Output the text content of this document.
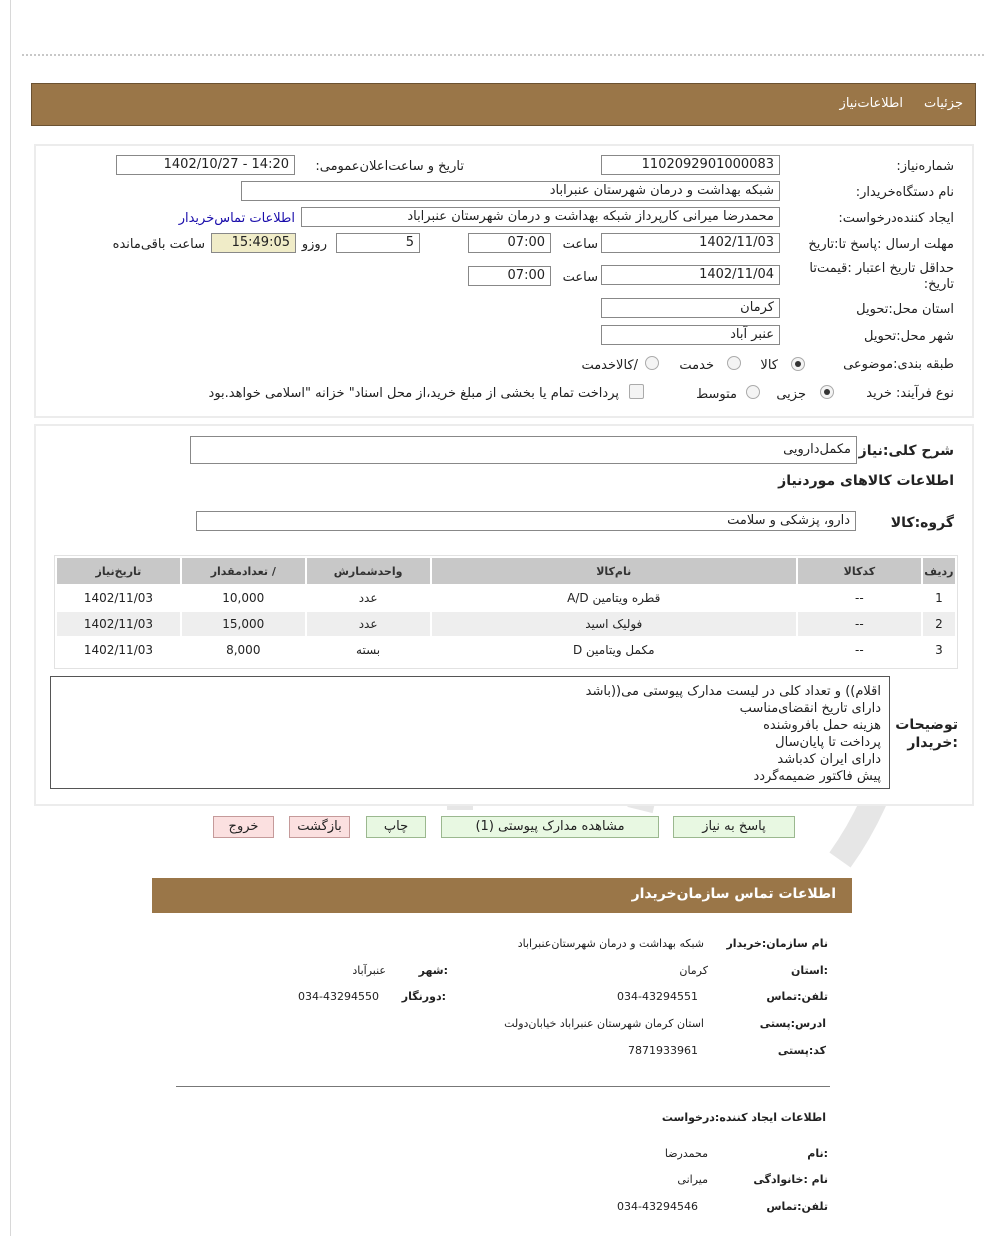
جزئیات
اطلاعات‌نیاز
شماره‌نیاز:
1102092901000083
تاریخ و ساعت‌اعلان‌عمومی:
1402/10/27 - 14:20
نام دستگاه‌خریدار:
شبکه بهداشت و درمان شهرستان عنبراباد
ایجاد کننده‌درخواست:
محمدرضا میرانی کارپرداز شبکه بهداشت و درمان شهرستان عنبراباد
اطلاعات تماس‌خریدار
مهلت ارسال :پاسخ تا:تاریخ
1402/11/03
ساعت
07:00
5
روزو
15:49:05
ساعت باقی‌مانده
حداقل تاریخ اعتبار :قیمت‌تا تاریخ:
1402/11/04
ساعت
07:00
استان محل:تحویل
کرمان
شهر محل:تحویل
عنبر آباد
طبقه بندی:موضوعی
کالا
خدمت
/کالاخدمت
نوع فرآیند: خرید
جزیی
متوسط
پرداخت تمام یا بخشی از مبلغ خرید،از محل اسناد" خزانه "اسلامی خواهد.بود
شرح کلی:نیاز
مکمل‌دارویی
اطلاعات کالاهای موردنیاز
گروه:کالا
دارو، پزشکی و سلامت
ردیف	کدکالا	نام‌کالا	واحدشمارش	/ تعدادمقدار	تاریخ‌نیاز
1	--	قطره ویتامین A/D	عدد	10,000	1402/11/03
2	--	فولیک اسید	عدد	15,000	1402/11/03
3	--	مکمل ویتامین D	بسته	8,000	1402/11/03
توضیحات :خریدار
اقلام)) و تعداد کلی در لیست مدارک پیوستی می((باشد
دارای تاریخ انقضای‌مناسب
هزینه حمل بافروشنده
پرداخت تا پایان‌سال
دارای ایران کدباشد
پیش فاکتور ضمیمه‌گردد
پاسخ به نیاز
مشاهده مدارک پیوستی (1)
چاپ
بازگشت
خروج
اطلاعات تماس سازمان‌خریدار
نام سازمان:خریدار
شبکه بهداشت و درمان شهرستان‌عنبراباد
:استان
کرمان
:شهر
عنبرآباد
تلفن:تماس
034-43294551
:دورنگار
034-43294550
ادرس:پستی
استان کرمان شهرستان عنبراباد خیابان‌دولت
کد:پستی
7871933961
اطلاعات ایجاد کننده:درخواست
:نام
محمدرضا
نام :خانوادگی
میرانی
تلفن:تماس
034-43294546
